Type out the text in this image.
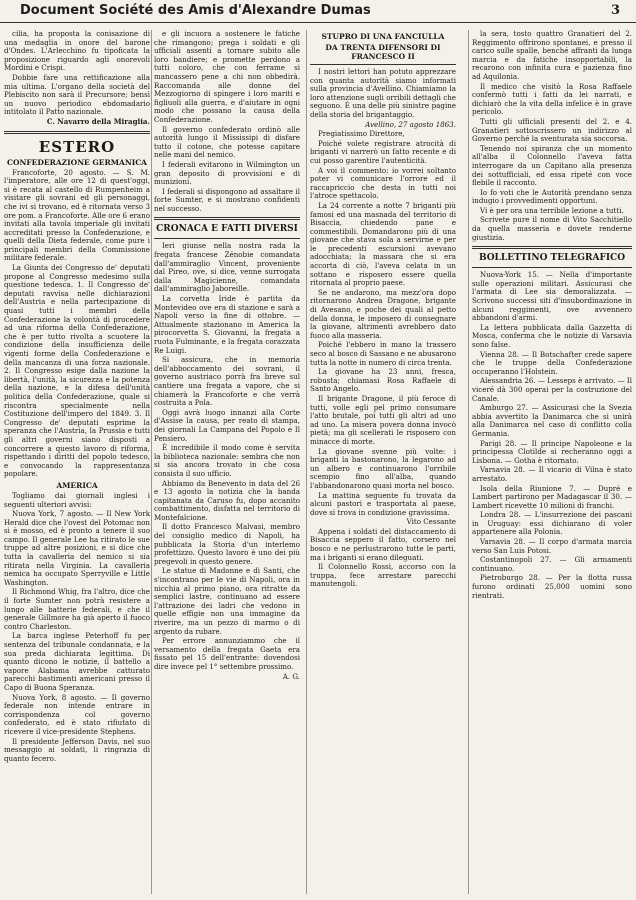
Document Société des Amis d'Alexandre Dumas	3

cilia, ha proposta la conisazione di una medaglia in onore del barone d'Ondes. L'Arlecchino fu tipoficata la proposizione riguardo agli onorevoli Mordini e Crispi.

Dobbie fare una rettificazione alla mia ultima. L'organo della società del Plebiscito non sarà il Precursore; bensì un nuovo periodico ebdomadario intitolato il Patto nazionale.

C. Navarro della Miraglia.

ESTERO
CONFEDERAZIONE GERMANICA

Francoforte, 20 agosto. — S. M. l'imperatore, alle ore 12 di quest'oggi, si è recata al castello di Rumpenheim a visitare gli sovrani ed gli personaggi, che ivi si trovano, ed è ritornata verso 3 ore pom. a Francoforte. Alle ore 6 erano invitati alla tavola imperiale gli invitati accreditati presso la Confederazione, e quelli della Dieta federale, come pure i principali membri della Commissione militare federale.

La Giunta dei Congresso de' deputati propone al Congresso medesimo sulla questione tedesca. 1. Il Congresso de' deputati ravvisa nelle dichiarazioni dell'Austria e nella partecipazione di quasi tutti i membri della Confederazione la volontà di procedere ad una riforma della Confederazione, che è per tutto rivolta a scuotere la condizione della insufficienza delle vigenti forme della Confederazione e della mancanza di una forza nazionale. 2. Il Congresso esige dalla nazione la libertà, l'unità, la sicurezza e la potenza della nazione, e la difesa dell'unità politica della Confederazione, quale si riscontra specialmente nella Costituzione dell'impero del 1849. 3. Il Congresso de' deputati esprime la speranza che l'Austria, la Prussia e tutti gli altri governi siano disposti a concorrere a questo lavoro di riforma, rispettando i diritti del popolo tedesco, e convocando la rappresentanza popolare.

AMERICA

Togliamo dai giornali inglesi i seguenti ulteriori avvisi:

Nuova York, 7 agosto. — Il New York Herald dice che l'ovest del Potomac non si è mosso, ed è pronto a tenere il suo campo. Il generale Lee ha ritirato le sue truppe ad altre posizioni, e si dice che tutta la cavalleria del nemico si sia ritirata nella Virginia. La cavalleria nemica ha occupato Sperryville e Little Washington.

Il Richmond Whig, fra l'altro, dice che il forte Sumter non potrà resistere a lungo alle batterie federali, e che il generale Gillmore ha già aperto il fuoco contro Charleston.

La barca inglese Peterhoff fu per sentenza del tribunale condannata, e la sua preda dichiarata legittima. Di quanto dicono le notizie, il battello a vapore Alabama avrebbe catturato parecchi bastimenti americani presso il Capo di Buona Speranza.

Nuova York, 8 agosto. — Il governo federale non intende entrare in corrispondenza col governo confederato, ed è stato rifiutato di ricevere il vice-presidente Stephens.

Il presidente Jefferson Davis, nel suo messaggio ai soldati, li ringrazia di quanto fecero.

e gli incuora a sostenere le fatiche che rimangono; prega i soldati e gli ufficiali assenti a tornare subito alle loro bandiere; e promette perdono a tutti coloro, che con ferrame si mancassero pene a chi non obbedirà. Raccomanda alle donne del Mezzogiorno di spingere i loro mariti e figliuoli alla guerra, e d'aiutare in ogni modo che possano la causa della Confederazione.

Il governo confederato ordinò alle autorità lungo il Mississipi di disfare tutto il cotone, che potesse capitare nelle mani del nemico.

I federali evitarono in Wilmington un gran deposito di provvisioni e di munizioni.

I federali si dispongono ad assaltare il forte Sumter, e si mostrano confidenti nel successo.

CRONACA E FATTI DIVERSI

Ieri giunse nella nostra rada la fregata francese Zénobie comandata dall'ammiraglio Vincent, proveniente dal Pireo, ove, si dice, venne surrogata dalla Magicienne, comandata dall'ammiraglio Jaboreille.

La corvetta Iride è partita da Montevideo ove era di stazione e sarà a Napoli verso la fine di ottobre. — Attualmente stazionano in America la pirocorvetta S. Giovanni, la fregata a ruota Fulminante, e la fregata corazzata Re Luigi.

Si assicura, che in memoria dell'abboccamento dei sovrani, il governo austriaco porrà fra breve sul cantiere una fregata a vapore, che si chiamerà la Francoforte e che verrà costruita a Pola.

Oggi avrà luogo innanzi alla Corte d'Assise la causa, per reato di stampa, dei giornali La Campana del Popolo e Il Pensiero.

È incredibile il modo come è servita la biblioteca nazionale: sembra che non si sia ancora trovato in che cosa consista il suo ufficio.

Abbiamo da Benevento in data del 26 e 13 agosto la notizia che la banda capitanata da Caruso fu, dopo accanito combattimento, disfatta nel territorio di Montefalcione.

Il dotto Francesco Malvasi, membro del consiglio medico di Napoli, ha pubblicata la Storia d'un interlemo profettizzo. Questo lavoro è uno dei più pregevoli in questo genere.

Le statue di Madonne e di Santi, che s'incontrano per le vie di Napoli, ora in nicchia al primo piano, ora ritratte da semplici lastre, continuano ad essere l'attrazione dei ladri che vedono in quelle effigie non una immagine da riverire, ma un pezzo di marmo o di argento da rubare.

Per errore annunziammo che il versamento della fregata Gaeta era fissato pel 15 dell'entrante: dovendosi dire invece pel 1° settembre prossimo.

A. G.

STUPRO DI UNA FANCIULLA
DA TRENTA DIFENSORI DI FRANCESCO II

I nostri lettori han potuto apprezzare con quanta autorità siamo informati sulla provincia d'Avellino. Chiamiamo la loro attenzione sugli orribili dettagli che seguono. È una delle più sinistre pagine della storia del brigantaggio.

Avellino, 27 agosto 1863.

Pregiatissimo Direttore,

Poiché volete registrare atrocità di briganti vi narrerò un fatto recente e di cui posso garentire l'autenticità.

A voi il commento: io vorrei soltanto poter vi comunicare l'orrore ed il raccapriccio che desta in tutti noi l'atroce spettacolo.

La 24 corrente a notte 7 briganti più famosi ed una masnada del territorio di Bisaccia, chiedendo pane e commestibili. Domandarono più di una giovane che stava sola a servirne e per le precedenti escursioni avevano adocchiata; la massara che si era accorta di ciò, l'aveva celata in un sottano e risposero essere quella ritornata al proprio paese.

Se ne andarono, ma mezz'ora dopo ritornarono Andrea Dragone, brigante di Avesano, e poche dei quali al petto della donna, le imposero di consegnare la giovane, altrimenti avrebbero dato fuoco alla masseria.

Poiché l'ebbero in mano la trassero seco al bosco di Sassano e ne abusarono tutta la notte in numero di circa trenta.

La giovane ha 23 anni, fresca, robusta; chiamasi Rosa Raffaele di Santo Angelo.

Il brigante Dragone, il più feroce di tutti, volle egli pel primo consumare l'atto brutale, poi tutti gli altri ad uno ad uno. La misera povera donna invocò pietà; ma gli scellerati le risposero con minacce di morte.

La giovane svenne più volte: i briganti la bastonarono, la legarono ad un albero e continuarono l'orribile scempio fino all'alba, quando l'abbandonarono quasi morta nel bosco.

La mattina seguente fu trovata da alcuni pastori e trasportata al paese, dove si trova in condizione gravissima.

Vito Cessante

Appena i soldati del distaccamento di Bisaccia seppero il fatto, corsero nel bosco e ne perlustrarono tutte le parti, ma i briganti si erano dileguati.

Il Colonnello Rossi, accorso con la truppa, fece arrestare parecchi manutengoli.

la sera, tosto quattro Granatieri del 2. Reggimento offrirono spontanei, e presso il carico sulle spalle, benché affranti da lunga marcia e da fatiche insopportabili, la recarono con infinita cura e pazienza fino ad Aquilonia.

Il medico che visitò la Rosa Raffaele confermò tutti i fatti da lei narrati, e dichiarò che la vita della infelice è in grave pericolo.

Tutti gli ufficiali presenti del 2. e 4. Granatieri sottoscrissero un indirizzo al Governo perché la sventurata sia soccorsa.

Tenendo noi spiranza che un momento all'alba il Colonnello l'aveva fatta interrogare da un Capitano alla presenza dei sottufficiali, ed essa ripeté con voce flebile il racconto.

Io fo voti che le Autorità prendano senza indugio i provvedimenti opportuni.

Vi è per ora una terribile lezione a tutti.

Scrivete pure il nome di Vito Sacchitiello da quella masseria e dovete renderne giustizia.

BOLLETTINO TELEGRAFICO

Nuova-York 15. — Nella d'importante sulle operazioni militari. Assicurasi che l'armata di Lee sia demoralizzata. — Scrivono successi siti d'insubordinazione in alcuni reggimenti, ove avvennero abbandoni d'armi.

La lettera pubblicata dalla Gazzetta di Mosca, conferma che le notizie di Varsavia sono false.

Vienna 28. — Il Botschafter crede sapere che le truppe della Confederazione occuperanno l'Holstein.

Alessandria 26. — Lesseps è arrivato. — Il viceré dà 300 operai per la costruzione del Canale.

Amburgo 27. — Assicurasi che la Svezia abbia avvertito la Danimarca che si unirà alla Danimarca nel caso di conflitto colla Germania.

Parigi 28. — Il principe Napoleone e la principessa Clotilde si recheranno oggi a Lisbona. — Gotha è ritornato.

Varsavia 28. — Il vicario di Vilna è stato arrestato.

Isola della Riunione 7. — Dupré e Lambert partirono per Madagascar il 30. — Lambert ricevette 10 milioni di franchi.

Londra 28. — L'insurrezione dei pascani in Uruguay: essi dichiarano di voler appartenere alla Polonia.

Varsavia 28. — Il corpo d'armata marcia verso San Luis Potosi.

Costantinopoli 27. — Gli armamenti continuano.

Pietroburgo 28. — Per la flotta russa furono ordinati 25,000 uomini sono rientrati.
